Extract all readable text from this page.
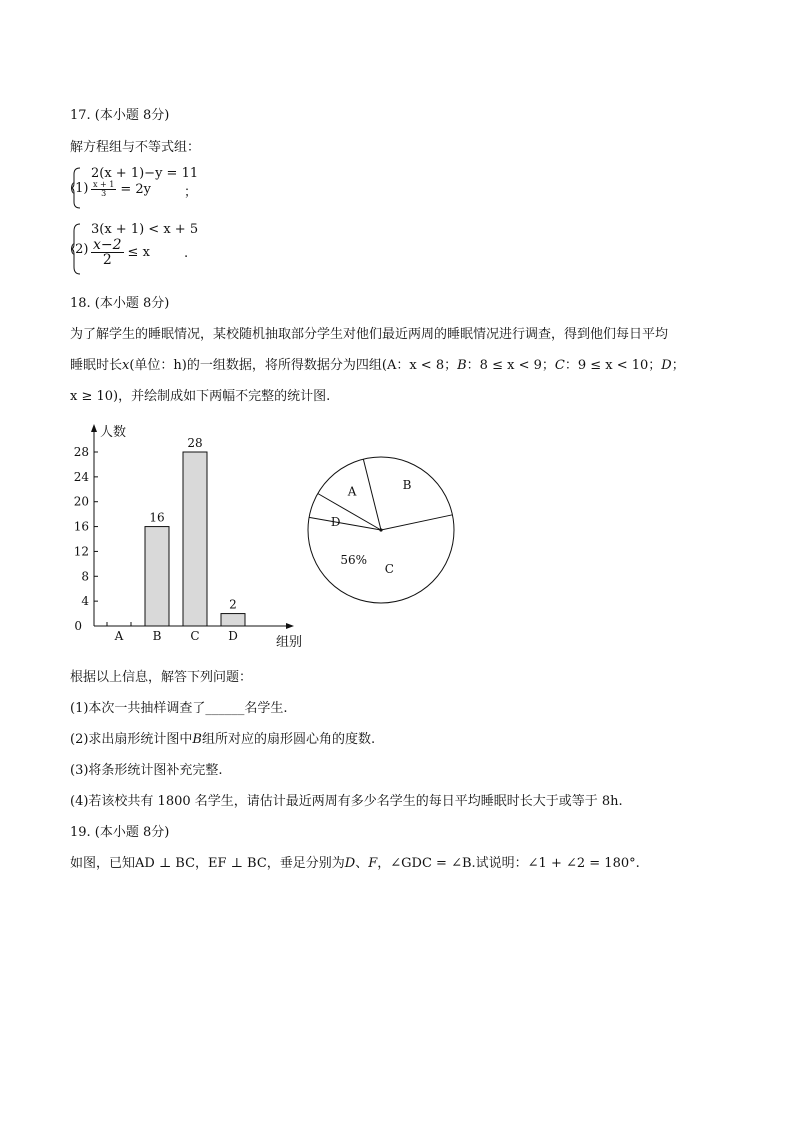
17. (本小题 8分)
解方程组与不等式组：
(1)
2(x + 1)−y = 11
$\frac{x + 1}{3} = 2y$	；
(2)
3(x + 1) < x + 5
$\frac{x-2}{2} \le x$	.
18. (本小题 8分)
为了解学生的睡眠情况，某校随机抽取部分学生对他们最近两周的睡眠情况进行调查，得到他们每日平均
睡眠时长x(单位：h)的一组数据，将所得数据分为四组(A：x < 8；B：8 ≤ x < 9；C：9 ≤ x < 10；D；
x ≥ 10)，并绘制成如下两幅不完整的统计图.
人数
组别
0
4
8
12
16
20
24
28
A B
16
C
28
D
2
A	B
C
D
56%
根据以上信息，解答下列问题：
(1)本次一共抽样调查了______名学生.
(2)求出扇形统计图中B组所对应的扇形圆心角的度数.
(3)将条形统计图补充完整.
(4)若该校共有 1800 名学生，请估计最近两周有多少名学生的每日平均睡眠时长大于或等于 8h.
19. (本小题 8分)
如图，已知AD ⊥ BC，EF ⊥ BC，垂足分别为D、F，∠GDC = ∠B.试说明：∠1 + ∠2 = 180°.
